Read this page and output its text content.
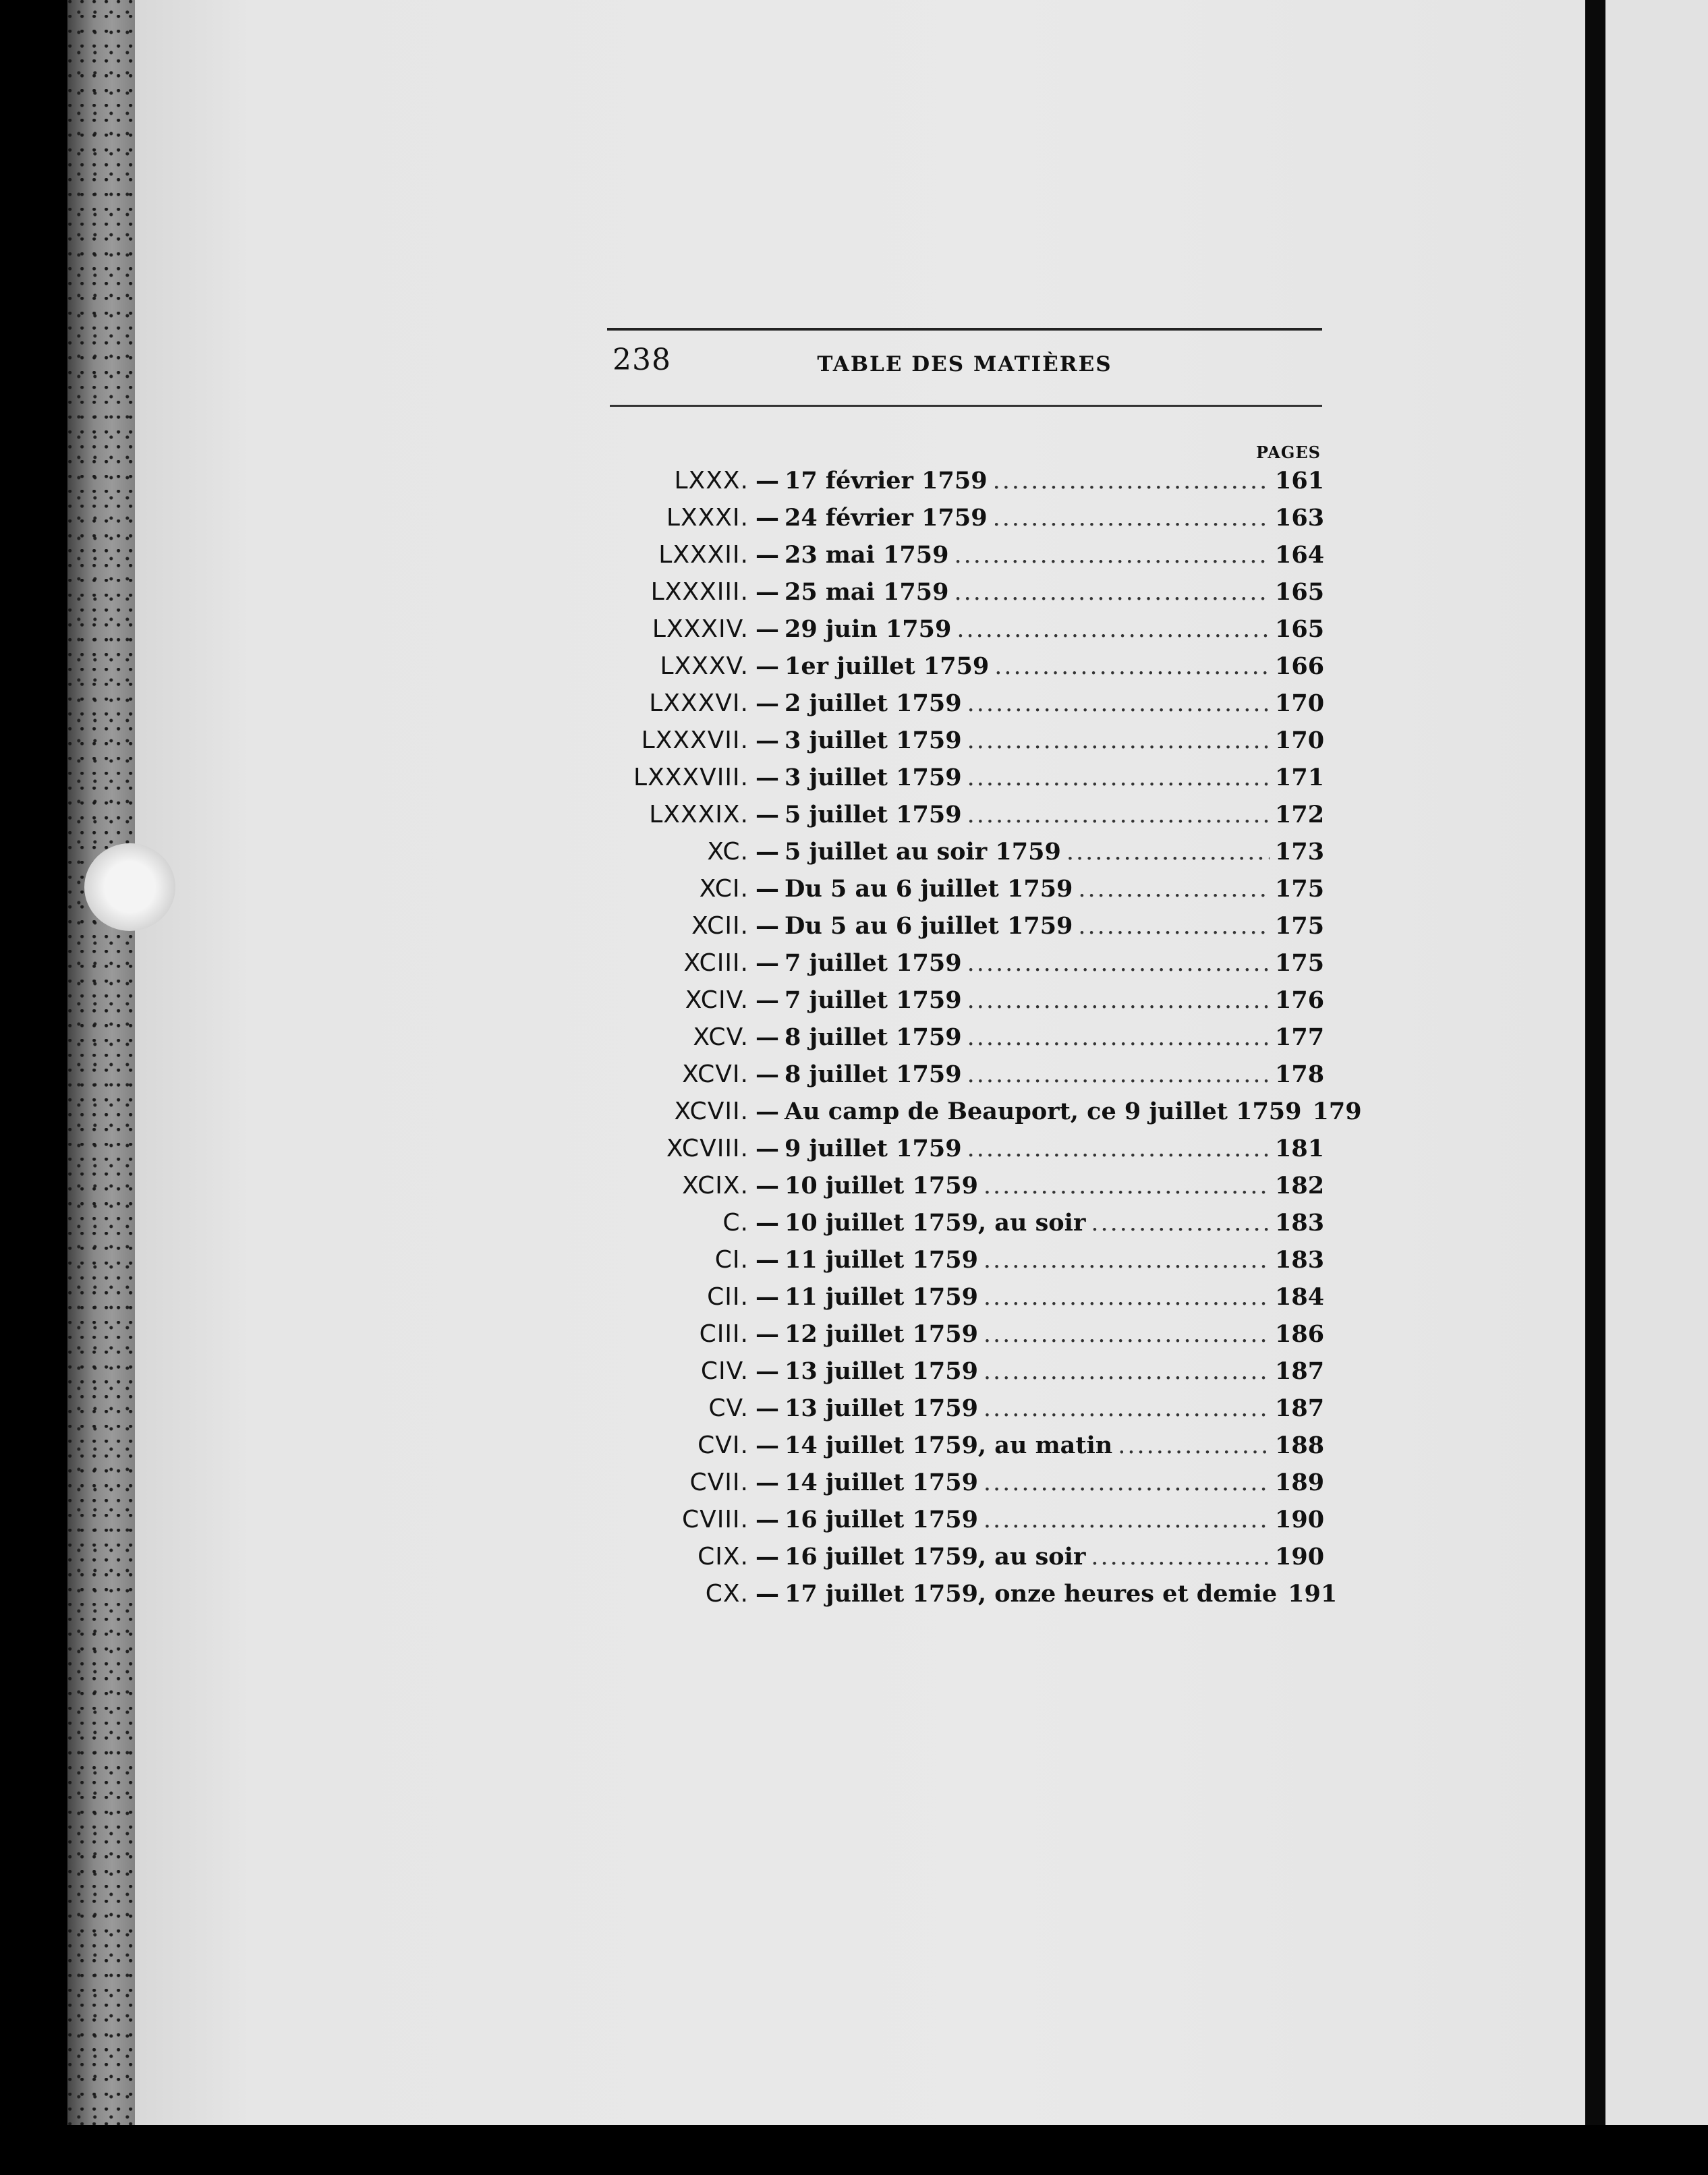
238	TABLE DES MATIÈRES
PAGES
LXXX. — 17 février 1759 .....	161
LXXXI. — 24 février 1759 .....	163
LXXXII. — 23 mai 1759 .....	164
LXXXIII. — 25 mai 1759 .....	165
LXXXIV. — 29 juin 1759 .....	165
LXXXV. — 1er juillet 1759 .....	166
LXXXVI. — 2 juillet 1759 .....	170
LXXXVII. — 3 juillet 1759 .....	170
LXXXVIII. — 3 juillet 1759 .....	171
LXXXIX. — 5 juillet 1759 .....	172
XC. — 5 juillet au soir 1759 .....	173
XCI. — Du 5 au 6 juillet 1759 .....	175
XCII. — Du 5 au 6 juillet 1759 .....	175
XCIII. — 7 juillet 1759 .....	175
XCIV. — 7 juillet 1759 .....	176
XCV. — 8 juillet 1759 .....	177
XCVI. — 8 juillet 1759 .....	178
XCVII. — Au camp de Beauport, ce 9 juillet 1759 179
XCVIII. — 9 juillet 1759 .....	181
XCIX. — 10 juillet 1759 .....	182
C. — 10 juillet 1759, au soir .....	183
CI. — 11 juillet 1759 .....	183
CII. — 11 juillet 1759 .....	184
CIII. — 12 juillet 1759 .....	186
CIV. — 13 juillet 1759 .....	187
CV. — 13 juillet 1759 .....	187
CVI. — 14 juillet 1759, au matin .....	188
CVII. — 14 juillet 1759 .....	189
CVIII. — 16 juillet 1759 .....	190
CIX. — 16 juillet 1759, au soir .....	190
CX. — 17 juillet 1759, onze heures et demie 191
